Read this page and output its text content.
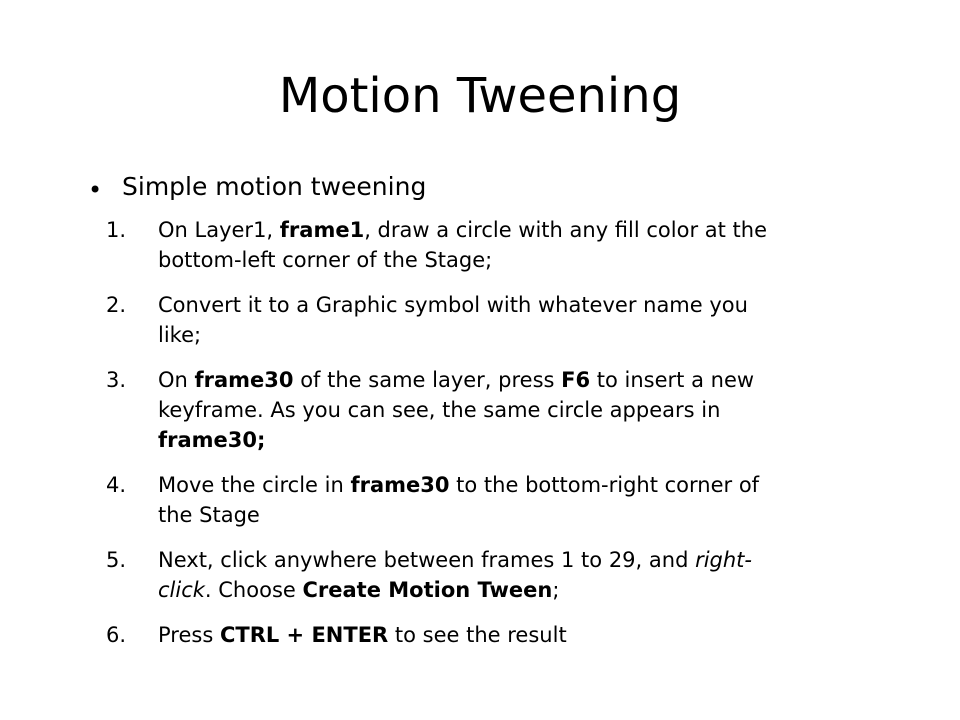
Motion Tweening
• Simple motion tweening
1.	On Layer1, frame1, draw a circle with any fill color at the
bottom-left corner of the Stage;
2.	Convert it to a Graphic symbol with whatever name you
like;
3.	On frame30 of the same layer, press F6 to insert a new
keyframe. As you can see, the same circle appears in
frame30;
4.	Move the circle in frame30 to the bottom-right corner of
the Stage
5.	Next, click anywhere between frames 1 to 29, and right-
click. Choose Create Motion Tween;
6.	Press CTRL + ENTER to see the result
